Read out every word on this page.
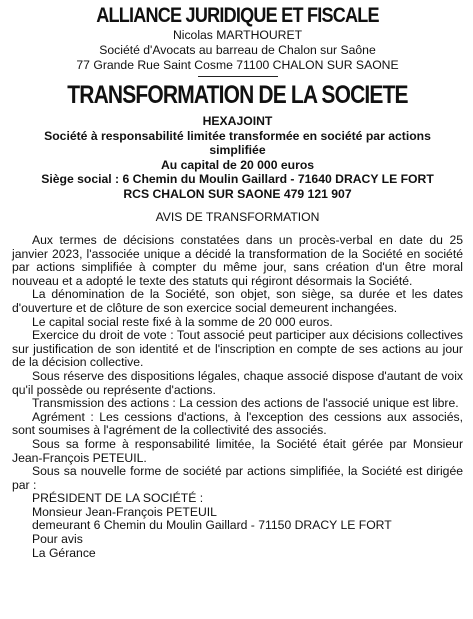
ALLIANCE JURIDIQUE ET FISCALE

Nicolas MARTHOURET

Société d'Avocats au barreau de Chalon sur Saône

77 Grande Rue Saint Cosme 71100 CHALON SUR SAONE

TRANSFORMATION DE LA SOCIETE

HEXAJOINT

Société à responsabilité limitée transformée en société par actions

simplifiée

Au capital de 20 000 euros

Siège social : 6 Chemin du Moulin Gaillard - 71640 DRACY LE FORT

RCS CHALON SUR SAONE 479 121 907

AVIS DE TRANSFORMATION

Aux termes de décisions constatées dans un procès-verbal en date du 25 janvier 2023, l'associée unique a décidé la transformation de la Société en société par actions simplifiée à compter du même jour, sans création d'un être moral nouveau et a adopté le texte des statuts qui régiront désormais la Société.

La dénomination de la Société, son objet, son siège, sa durée et les dates d'ouverture et de clôture de son exercice social demeurent inchangées.

Le capital social reste fixé à la somme de 20 000 euros.

Exercice du droit de vote : Tout associé peut participer aux décisions collectives sur justification de son identité et de l'inscription en compte de ses actions au jour de la décision collective.

Sous réserve des dispositions légales, chaque associé dispose d'autant de voix qu'il possède ou représente d'actions.

Transmission des actions : La cession des actions de l'associé unique est libre.

Agrément : Les cessions d'actions, à l'exception des cessions aux associés, sont soumises à l'agrément de la collectivité des associés.

Sous sa forme à responsabilité limitée, la Société était gérée par Monsieur Jean-François PETEUIL.

Sous sa nouvelle forme de société par actions simplifiée, la Société est dirigée par :

PRÉSIDENT DE LA SOCIÉTÉ :

Monsieur Jean-François PETEUIL

demeurant 6 Chemin du Moulin Gaillard - 71150 DRACY LE FORT

Pour avis

La Gérance
